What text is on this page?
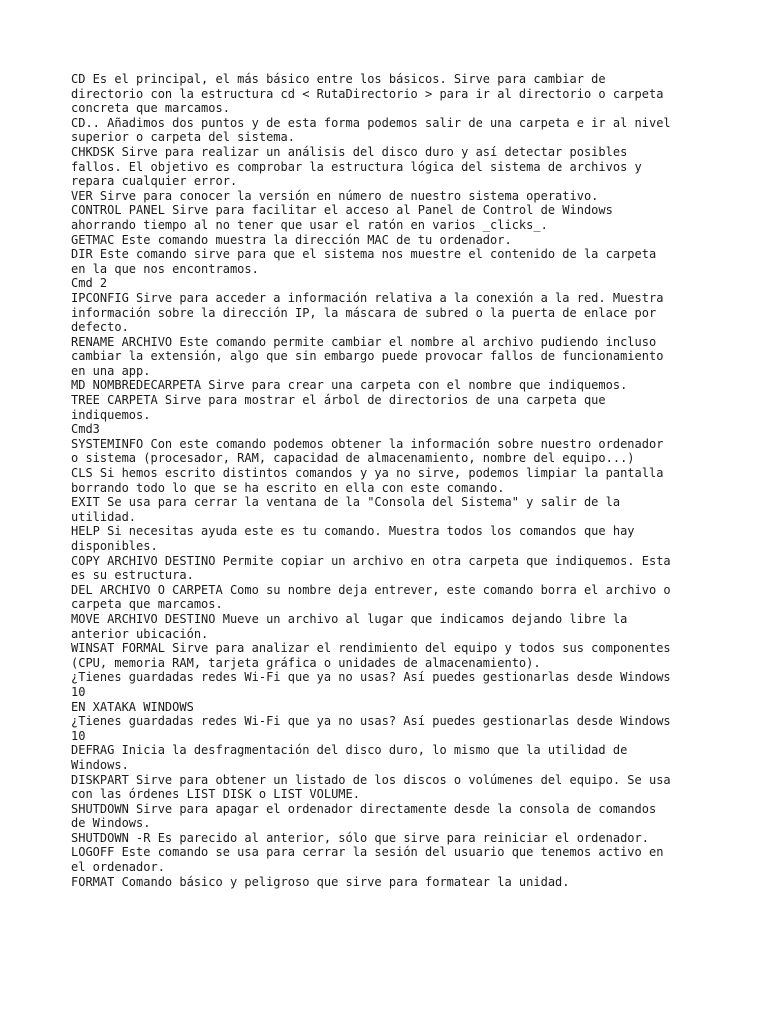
CD Es el principal, el más básico entre los básicos. Sirve para cambiar de
directorio con la estructura cd < RutaDirectorio > para ir al directorio o carpeta
concreta que marcamos.
CD.. Añadimos dos puntos y de esta forma podemos salir de una carpeta e ir al nivel
superior o carpeta del sistema.
CHKDSK Sirve para realizar un análisis del disco duro y así detectar posibles
fallos. El objetivo es comprobar la estructura lógica del sistema de archivos y
repara cualquier error.
VER Sirve para conocer la versión en número de nuestro sistema operativo.
CONTROL PANEL Sirve para facilitar el acceso al Panel de Control de Windows
ahorrando tiempo al no tener que usar el ratón en varios _clicks_.
GETMAC Este comando muestra la dirección MAC de tu ordenador.
DIR Este comando sirve para que el sistema nos muestre el contenido de la carpeta
en la que nos encontramos.
Cmd 2
IPCONFIG Sirve para acceder a información relativa a la conexión a la red. Muestra
información sobre la dirección IP, la máscara de subred o la puerta de enlace por
defecto.
RENAME ARCHIVO Este comando permite cambiar el nombre al archivo pudiendo incluso
cambiar la extensión, algo que sin embargo puede provocar fallos de funcionamiento
en una app.
MD NOMBREDECARPETA Sirve para crear una carpeta con el nombre que indiquemos.
TREE CARPETA Sirve para mostrar el árbol de directorios de una carpeta que
indiquemos.
Cmd3
SYSTEMINFO Con este comando podemos obtener la información sobre nuestro ordenador
o sistema (procesador, RAM, capacidad de almacenamiento, nombre del equipo...)
CLS Si hemos escrito distintos comandos y ya no sirve, podemos limpiar la pantalla
borrando todo lo que se ha escrito en ella con este comando.
EXIT Se usa para cerrar la ventana de la "Consola del Sistema" y salir de la
utilidad.
HELP Si necesitas ayuda este es tu comando. Muestra todos los comandos que hay
disponibles.
COPY ARCHIVO DESTINO Permite copiar un archivo en otra carpeta que indiquemos. Esta
es su estructura.
DEL ARCHIVO O CARPETA Como su nombre deja entrever, este comando borra el archivo o
carpeta que marcamos.
MOVE ARCHIVO DESTINO Mueve un archivo al lugar que indicamos dejando libre la
anterior ubicación.
WINSAT FORMAL Sirve para analizar el rendimiento del equipo y todos sus componentes
(CPU, memoria RAM, tarjeta gráfica o unidades de almacenamiento).
¿Tienes guardadas redes Wi-Fi que ya no usas? Así puedes gestionarlas desde Windows
10
EN XATAKA WINDOWS
¿Tienes guardadas redes Wi-Fi que ya no usas? Así puedes gestionarlas desde Windows
10
DEFRAG Inicia la desfragmentación del disco duro, lo mismo que la utilidad de
Windows.
DISKPART Sirve para obtener un listado de los discos o volúmenes del equipo. Se usa
con las órdenes LIST DISK o LIST VOLUME.
SHUTDOWN Sirve para apagar el ordenador directamente desde la consola de comandos
de Windows.
SHUTDOWN -R Es parecido al anterior, sólo que sirve para reiniciar el ordenador.
LOGOFF Este comando se usa para cerrar la sesión del usuario que tenemos activo en
el ordenador.
FORMAT Comando básico y peligroso que sirve para formatear la unidad.
